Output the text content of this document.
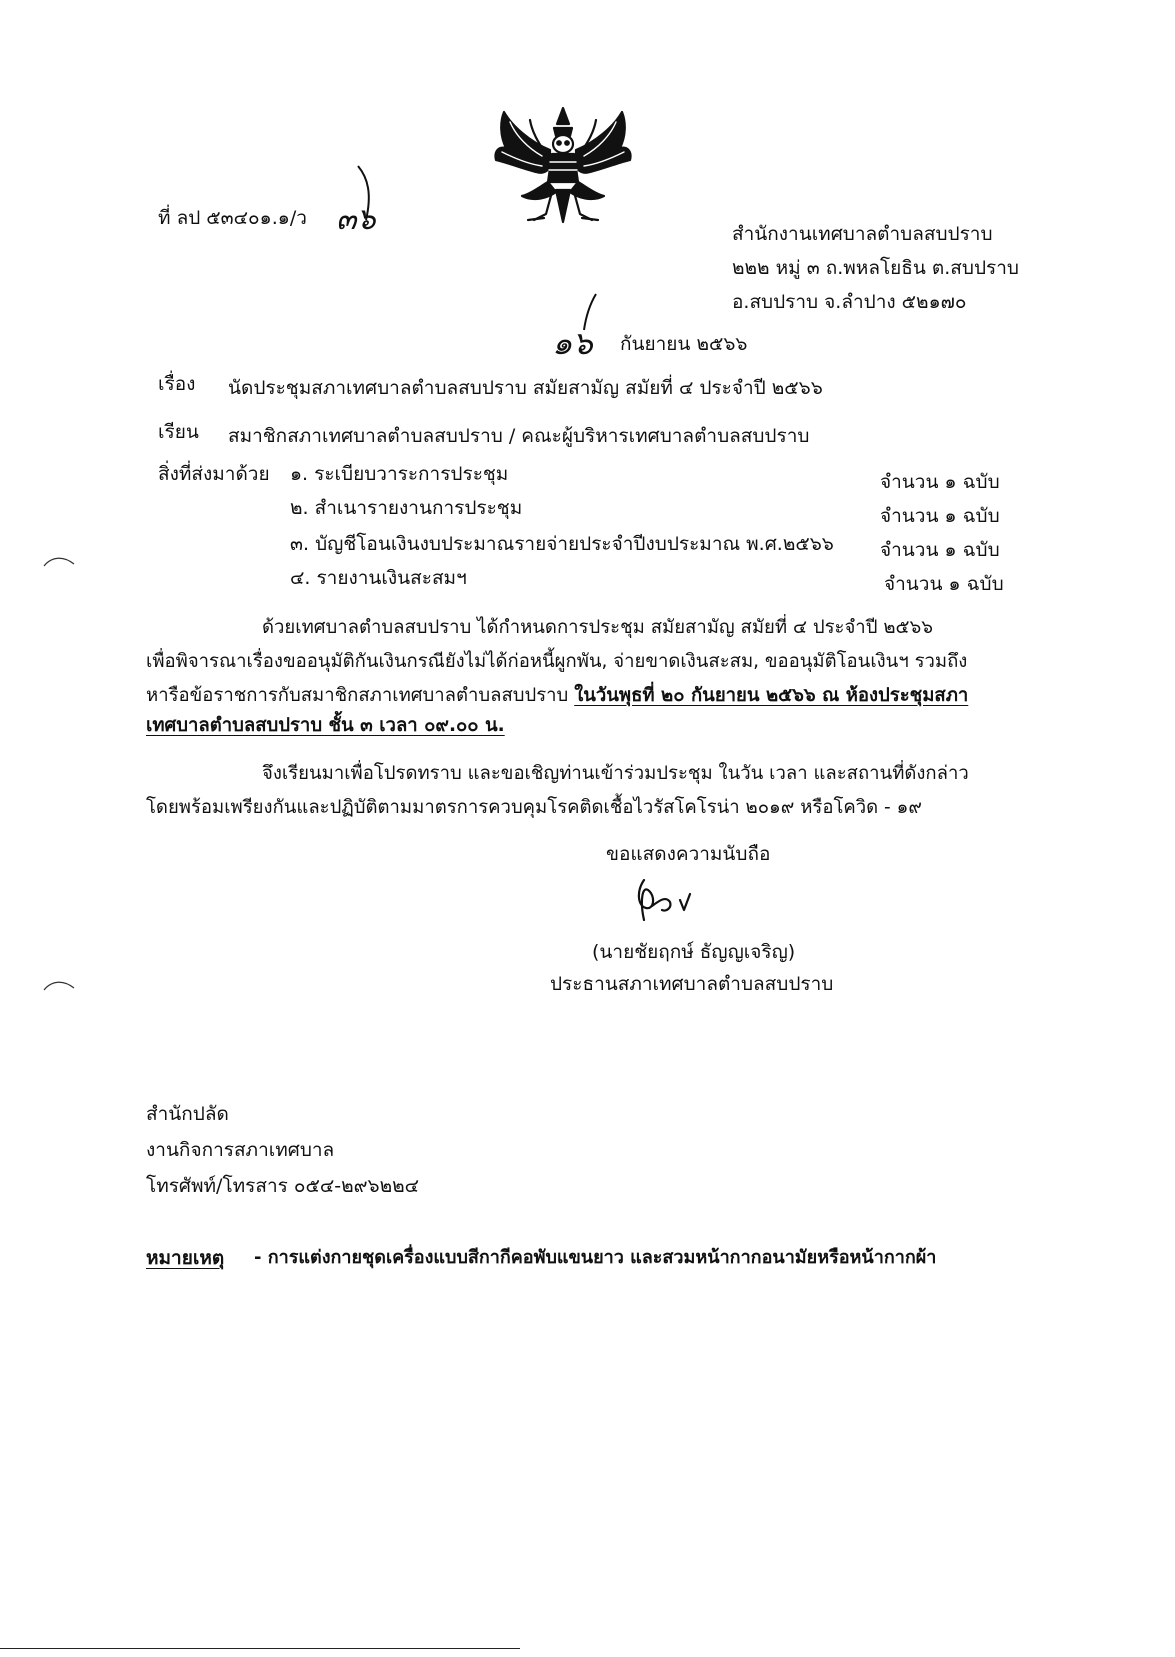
ที่ ลป ๕๓๔๐๑.๑/ว ๓๖	สำนักงานเทศบาลตำบลสบปราบ
๒๒๒ หมู่ ๓ ถ.พหลโยธิน ต.สบปราบ
อ.สบปราบ จ.ลำปาง ๕๒๑๗๐
๑๖ กันยายน ๒๕๖๖
เรื่อง นัดประชุมสภาเทศบาลตำบลสบปราบ สมัยสามัญ สมัยที่ ๔ ประจำปี ๒๕๖๖
เรียน สมาชิกสภาเทศบาลตำบลสบปราบ / คณะผู้บริหารเทศบาลตำบลสบปราบ
สิ่งที่ส่งมาด้วย ๑. ระเบียบวาระการประชุม	จำนวน ๑ ฉบับ
๒. สำเนารายงานการประชุม	จำนวน ๑ ฉบับ
๓. บัญชีโอนเงินงบประมาณรายจ่ายประจำปีงบประมาณ พ.ศ.๒๕๖๖ จำนวน ๑ ฉบับ
๔. รายงานเงินสะสมฯ	จำนวน ๑ ฉบับ
ด้วยเทศบาลตำบลสบปราบ ได้กำหนดการประชุม สมัยสามัญ สมัยที่ ๔ ประจำปี ๒๕๖๖
เพื่อพิจารณาเรื่องขออนุมัติกันเงินกรณียังไม่ได้ก่อหนี้ผูกพัน, จ่ายขาดเงินสะสม, ขออนุมัติโอนเงินฯ รวมถึง
หารือข้อราชการกับสมาชิกสภาเทศบาลตำบลสบปราบ ในวันพุธที่ ๒๐ กันยายน ๒๕๖๖ ณ ห้องประชุมสภา
เทศบาลตำบลสบปราบ ชั้น ๓ เวลา ๐๙.๐๐ น.
จึงเรียนมาเพื่อโปรดทราบ และขอเชิญท่านเข้าร่วมประชุม ในวัน เวลา และสถานที่ดังกล่าว
โดยพร้อมเพรียงกันและปฏิบัติตามมาตรการควบคุมโรคติดเชื้อไวรัสโคโรน่า ๒๐๑๙ หรือโควิด - ๑๙
ขอแสดงความนับถือ
(นายชัยฤกษ์ ธัญญเจริญ)
ประธานสภาเทศบาลตำบลสบปราบ
สำนักปลัด
งานกิจการสภาเทศบาล
โทรศัพท์/โทรสาร ๐๕๔-๒๙๖๒๒๔
หมายเหตุ - การแต่งกายชุดเครื่องแบบสีกากีคอพับแขนยาว และสวมหน้ากากอนามัยหรือหน้ากากผ้า
